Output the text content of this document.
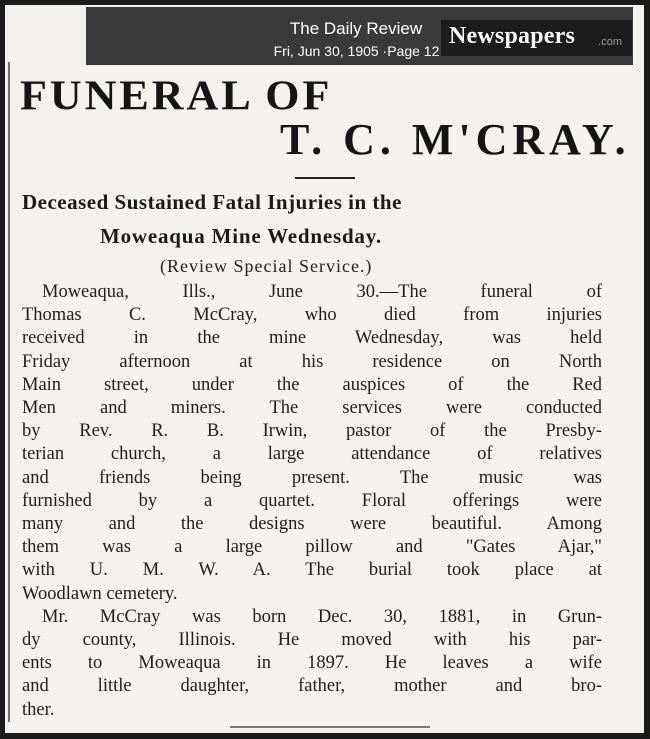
The Daily Review
Fri, Jun 30, 1905 ·Page 12
Newspapers .com
FUNERAL OF
T. C. M'CRAY.
Deceased Sustained Fatal Injuries in the
Moweaqua Mine Wednesday.
(Review Special Service.)
Moweaqua, Ills., June 30.—The funeral of
Thomas C. McCray, who died from injuries
received in the mine Wednesday, was held
Friday afternoon at his residence on North
Main street, under the auspices of the Red
Men and miners. The services were conducted
by Rev. R. B. Irwin, pastor of the Presby-
terian church, a large attendance of relatives
and friends being present. The music was
furnished by a quartet. Floral offerings were
many and the designs were beautiful. Among
them was a large pillow and "Gates Ajar,"
with U. M. W. A. The burial took place at
Woodlawn cemetery.
Mr. McCray was born Dec. 30, 1881, in Grun-
dy county, Illinois. He moved with his par-
ents to Moweaqua in 1897. He leaves a wife
and little daughter, father, mother and bro-
ther.
